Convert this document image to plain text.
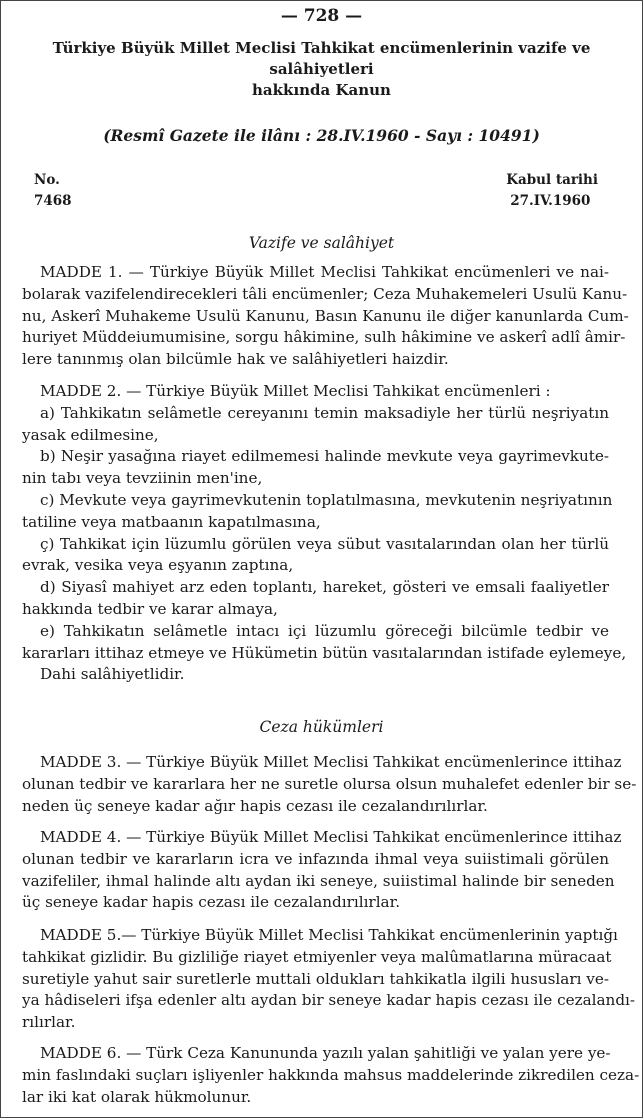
— 728 —
Türkiye Büyük Millet Meclisi Tahkikat encümenlerinin vazife ve salâhiyetleri
hakkında Kanun
(Resmî Gazete ile ilânı : 28.IV.1960 - Sayı : 10491)
No.
7468
Kabul tarihi
27.IV.1960
Vazife ve salâhiyet
MADDE 1. — Türkiye Büyük Millet Meclisi Tahkikat encümenleri ve nai-
bolarak vazifelendirecekleri tâli encümenler; Ceza Muhakemeleri Usulü Kanu-
nu, Askerî Muhakeme Usulü Kanunu, Basın Kanunu ile diğer kanunlarda Cum-
huriyet Müddeiumumisine, sorgu hâkimine, sulh hâkimine ve askerî adlî âmir-
lere tanınmış olan bilcümle hak ve salâhiyetleri haizdir.
MADDE 2. — Türkiye Büyük Millet Meclisi Tahkikat encümenleri :
a) Tahkikatın selâmetle cereyanını temin maksadiyle her türlü neşriyatın
yasak edilmesine,
b) Neşir yasağına riayet edilmemesi halinde mevkute veya gayrimevkute-
nin tabı veya tevziinin men'ine,
c) Mevkute veya gayrimevkutenin toplatılmasına, mevkutenin neşriyatının
tatiline veya matbaanın kapatılmasına,
ç) Tahkikat için lüzumlu görülen veya sübut vasıtalarından olan her türlü
evrak, vesika veya eşyanın zaptına,
d) Siyasî mahiyet arz eden toplantı, hareket, gösteri ve emsali faaliyetler
hakkında tedbir ve karar almaya,
e) Tahkikatın selâmetle intacı içi lüzumlu göreceği bilcümle tedbir ve
kararları ittihaz etmeye ve Hükümetin bütün vasıtalarından istifade eylemeye,
Dahi salâhiyetlidir.
Ceza hükümleri
MADDE 3. — Türkiye Büyük Millet Meclisi Tahkikat encümenlerince ittihaz
olunan tedbir ve kararlara her ne suretle olursa olsun muhalefet edenler bir se-
neden üç seneye kadar ağır hapis cezası ile cezalandırılırlar.
MADDE 4. — Türkiye Büyük Millet Meclisi Tahkikat encümenlerince ittihaz
olunan tedbir ve kararların icra ve infazında ihmal veya suiistimali görülen
vazifeliler, ihmal halinde altı aydan iki seneye, suiistimal halinde bir seneden
üç seneye kadar hapis cezası ile cezalandırılırlar.
MADDE 5.— Türkiye Büyük Millet Meclisi Tahkikat encümenlerinin yaptığı
tahkikat gizlidir. Bu gizliliğe riayet etmiyenler veya malûmatlarına müracaat
suretiyle yahut sair suretlerle muttali oldukları tahkikatla ilgili hususları ve-
ya hâdiseleri ifşa edenler altı aydan bir seneye kadar hapis cezası ile cezalandı-
rılırlar.
MADDE 6. — Türk Ceza Kanununda yazılı yalan şahitliği ve yalan yere ye-
min faslındaki suçları işliyenler hakkında mahsus maddelerinde zikredilen ceza-
lar iki kat olarak hükmolunur.
